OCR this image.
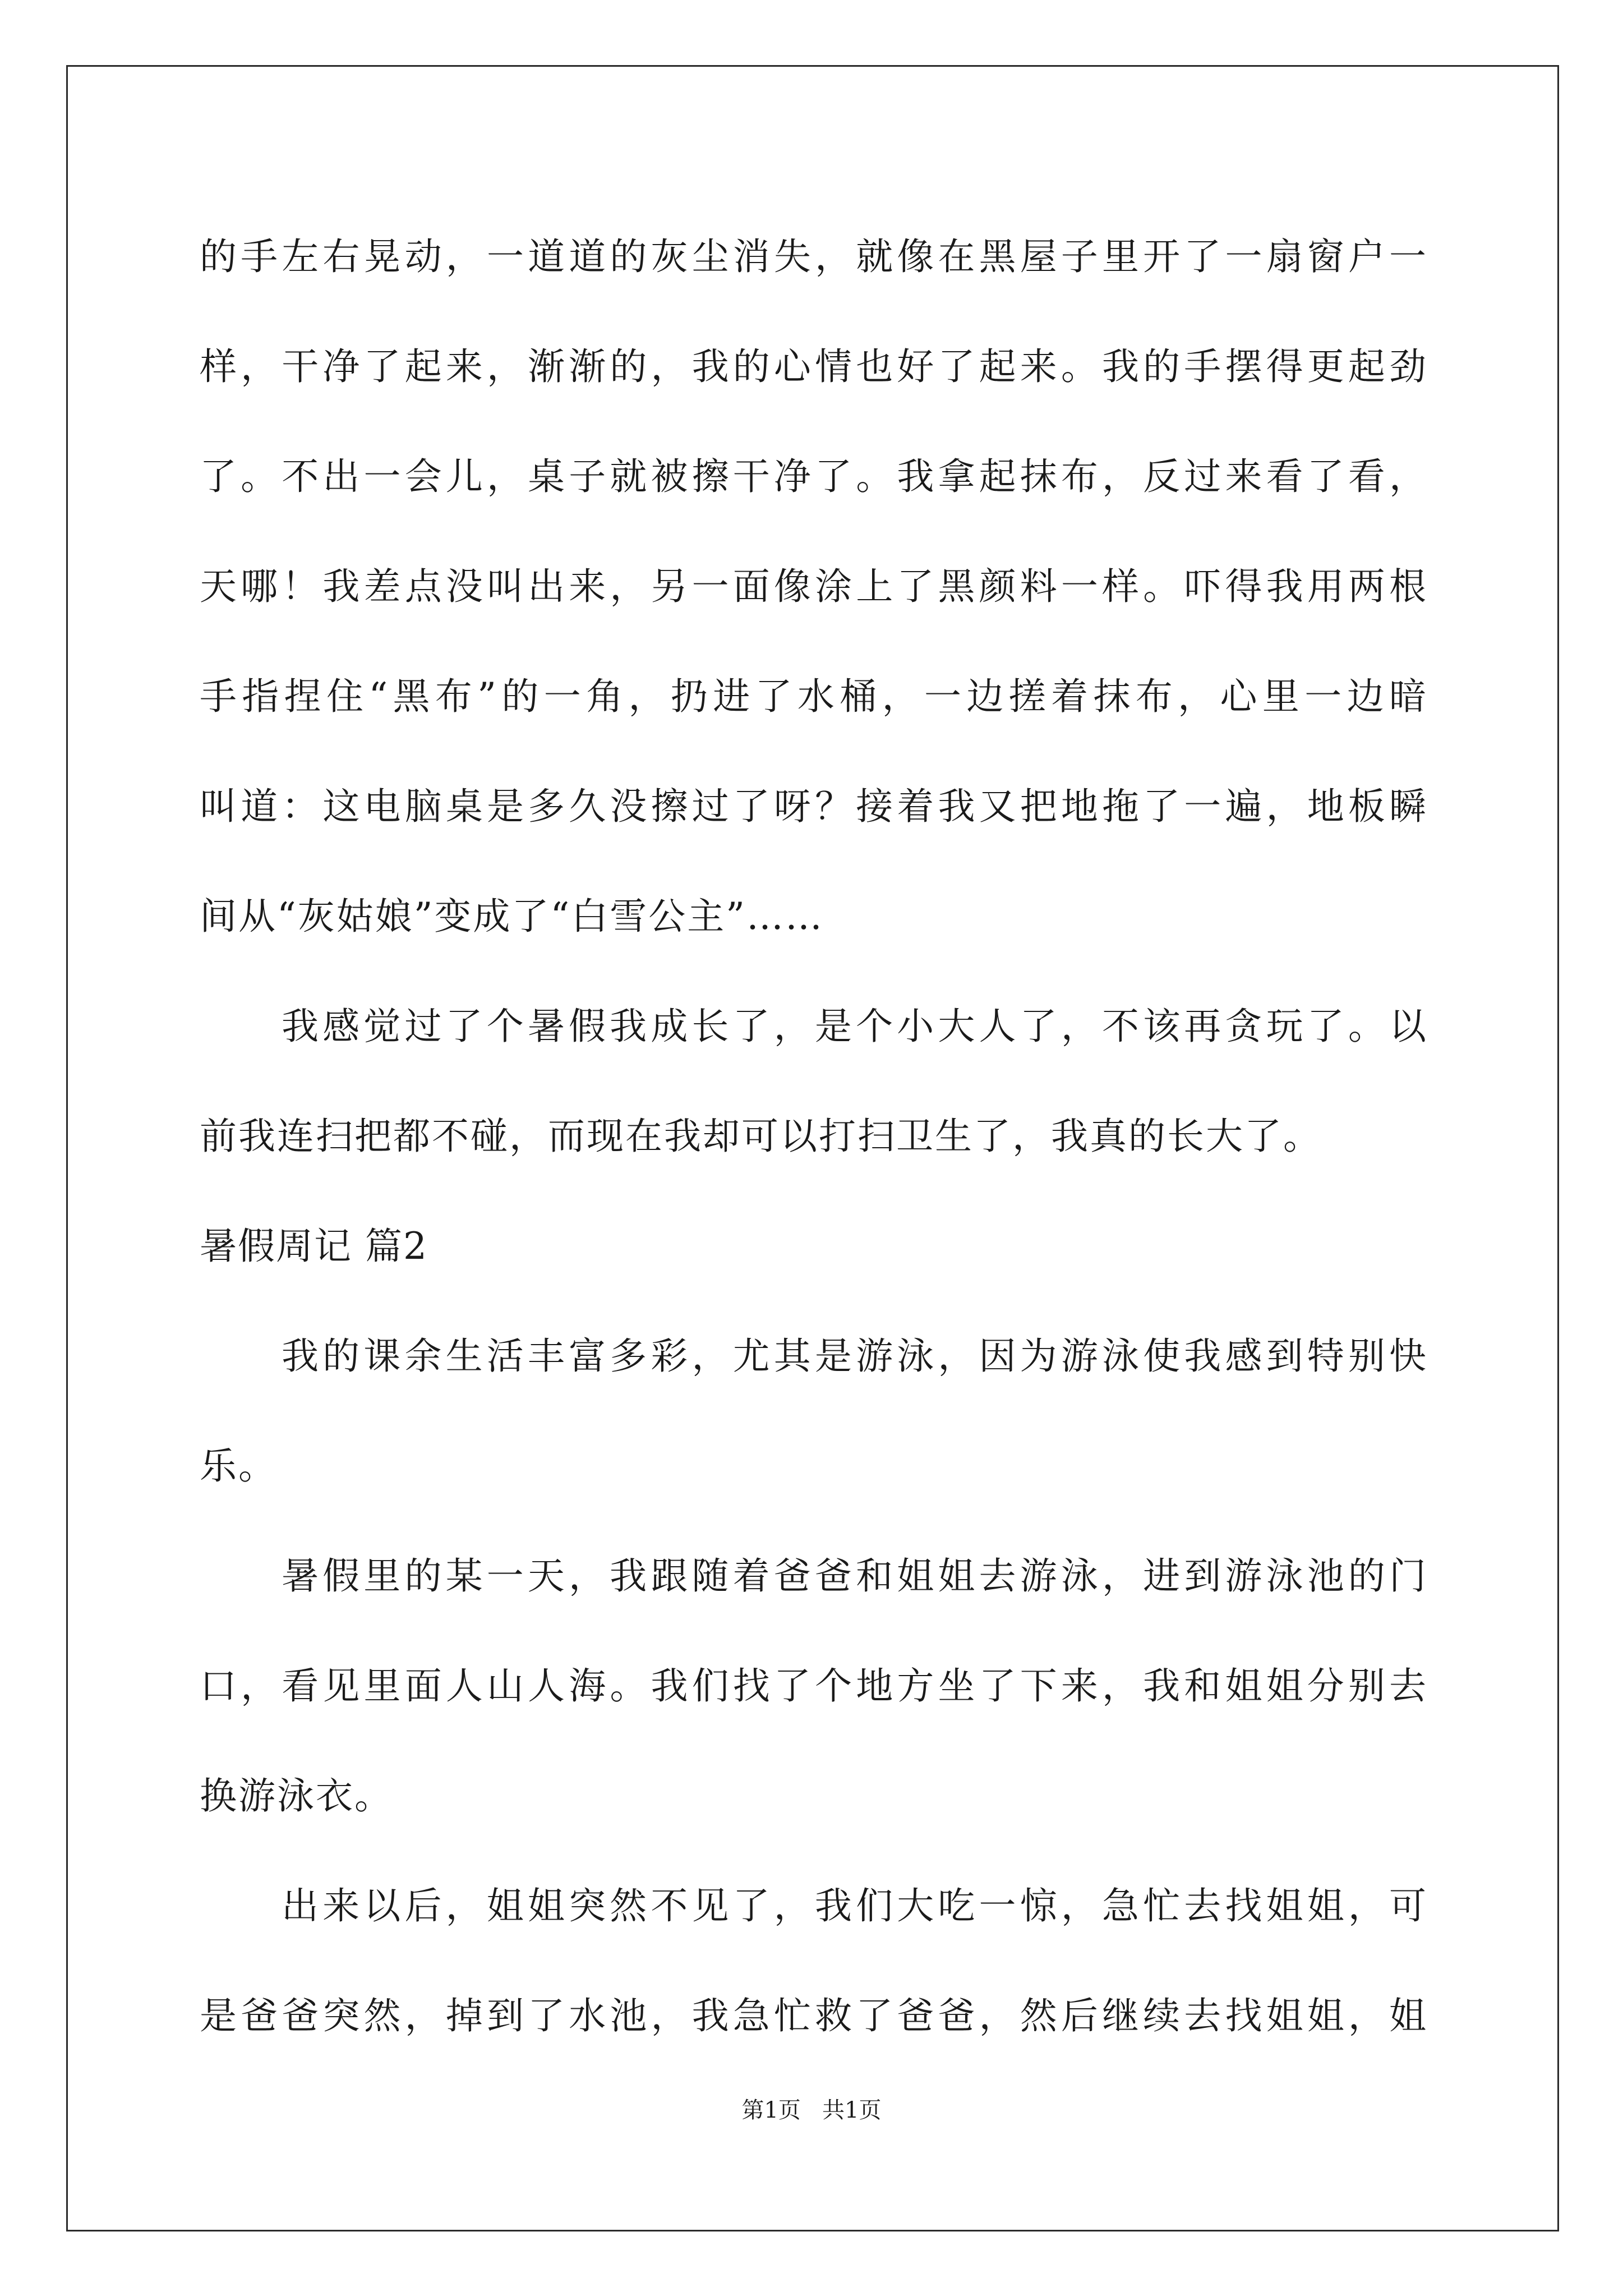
的手左右晃动，一道道的灰尘消失，就像在黑屋子里开了一扇窗户一
样，干净了起来，渐渐的，我的心情也好了起来。我的手摆得更起劲
了。不出一会儿，桌子就被擦干净了。我拿起抹布，反过来看了看，
天哪！我差点没叫出来，另一面像涂上了黑颜料一样。吓得我用两根
手指捏住“黑布”的一角，扔进了水桶，一边搓着抹布，心里一边暗
叫道：这电脑桌是多久没擦过了呀？接着我又把地拖了一遍，地板瞬
间从“灰姑娘”变成了“白雪公主”……
我感觉过了个暑假我成长了，是个小大人了，不该再贪玩了。以
前我连扫把都不碰，而现在我却可以打扫卫生了，我真的长大了。
暑假周记 篇2
我的课余生活丰富多彩，尤其是游泳，因为游泳使我感到特别快
乐。
暑假里的某一天，我跟随着爸爸和姐姐去游泳，进到游泳池的门
口，看见里面人山人海。我们找了个地方坐了下来，我和姐姐分别去
换游泳衣。
出来以后，姐姐突然不见了，我们大吃一惊，急忙去找姐姐，可
是爸爸突然，掉到了水池，我急忙救了爸爸，然后继续去找姐姐，姐
第1页   共1页
